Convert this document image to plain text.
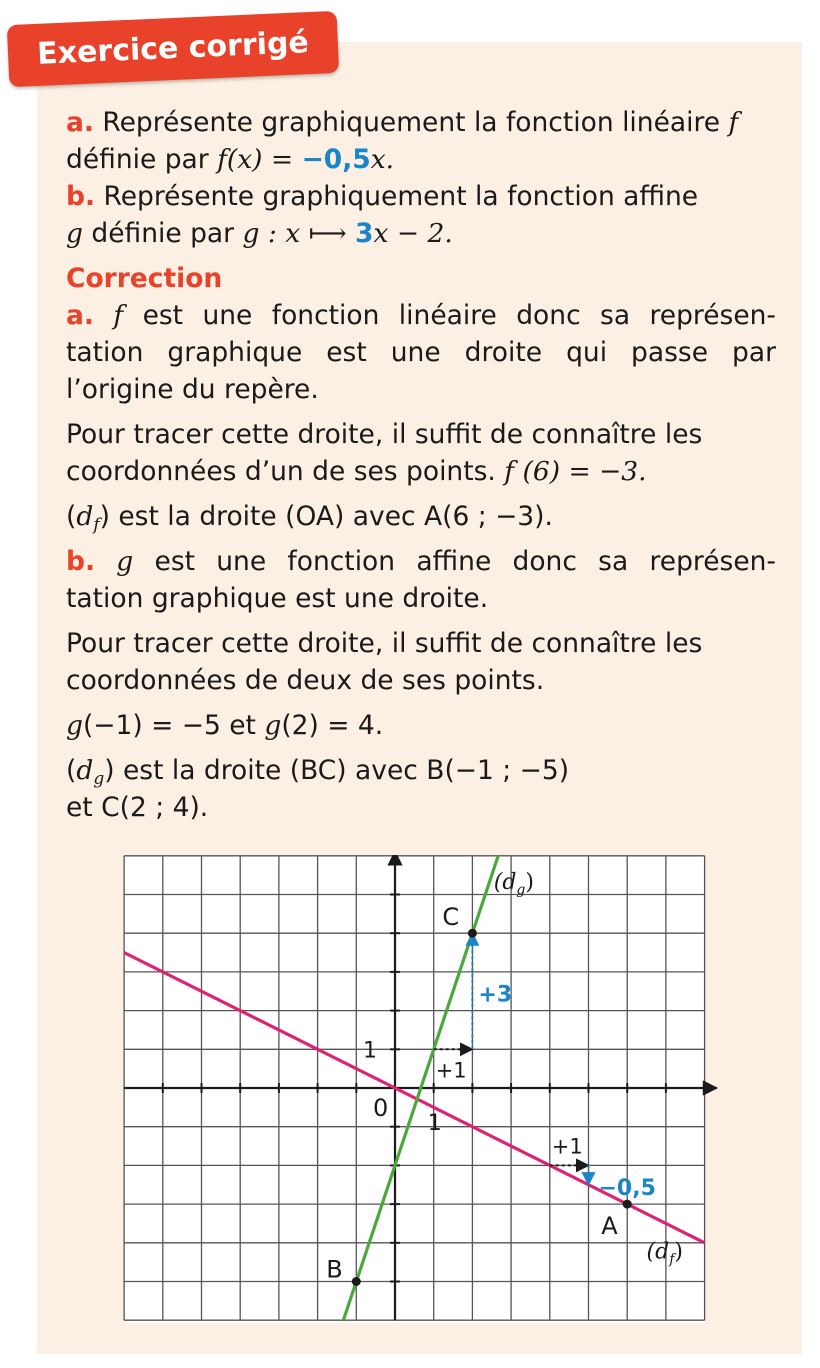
Exercice corrigé
a. Représente graphiquement la fonction linéaire f
définie par f(x) = −0,5x.
b. Représente graphiquement la fonction affine
g définie par g : x ⟼ 3x − 2.
Correction
a. f est une fonction linéaire donc sa représen-
tation graphique est une droite qui passe par
l’origine du repère.
Pour tracer cette droite, il suffit de connaître les
coordonnées d’un de ses points. f (6) = −3.
$(d_f)$ est la droite (OA) avec A(6 ; −3).
b. g est une fonction affine donc sa représen-
tation graphique est une droite.
Pour tracer cette droite, il suffit de connaître les
coordonnées de deux de ses points.
g(−1) = −5 et g(2) = 4.
$(d_g)$ est la droite (BC) avec B(−1 ; −5)
et C(2 ; 4).
0
1
1
A
B
C
+1
+3
+1
−0,5
$(d_g)$
$(d_f)$
